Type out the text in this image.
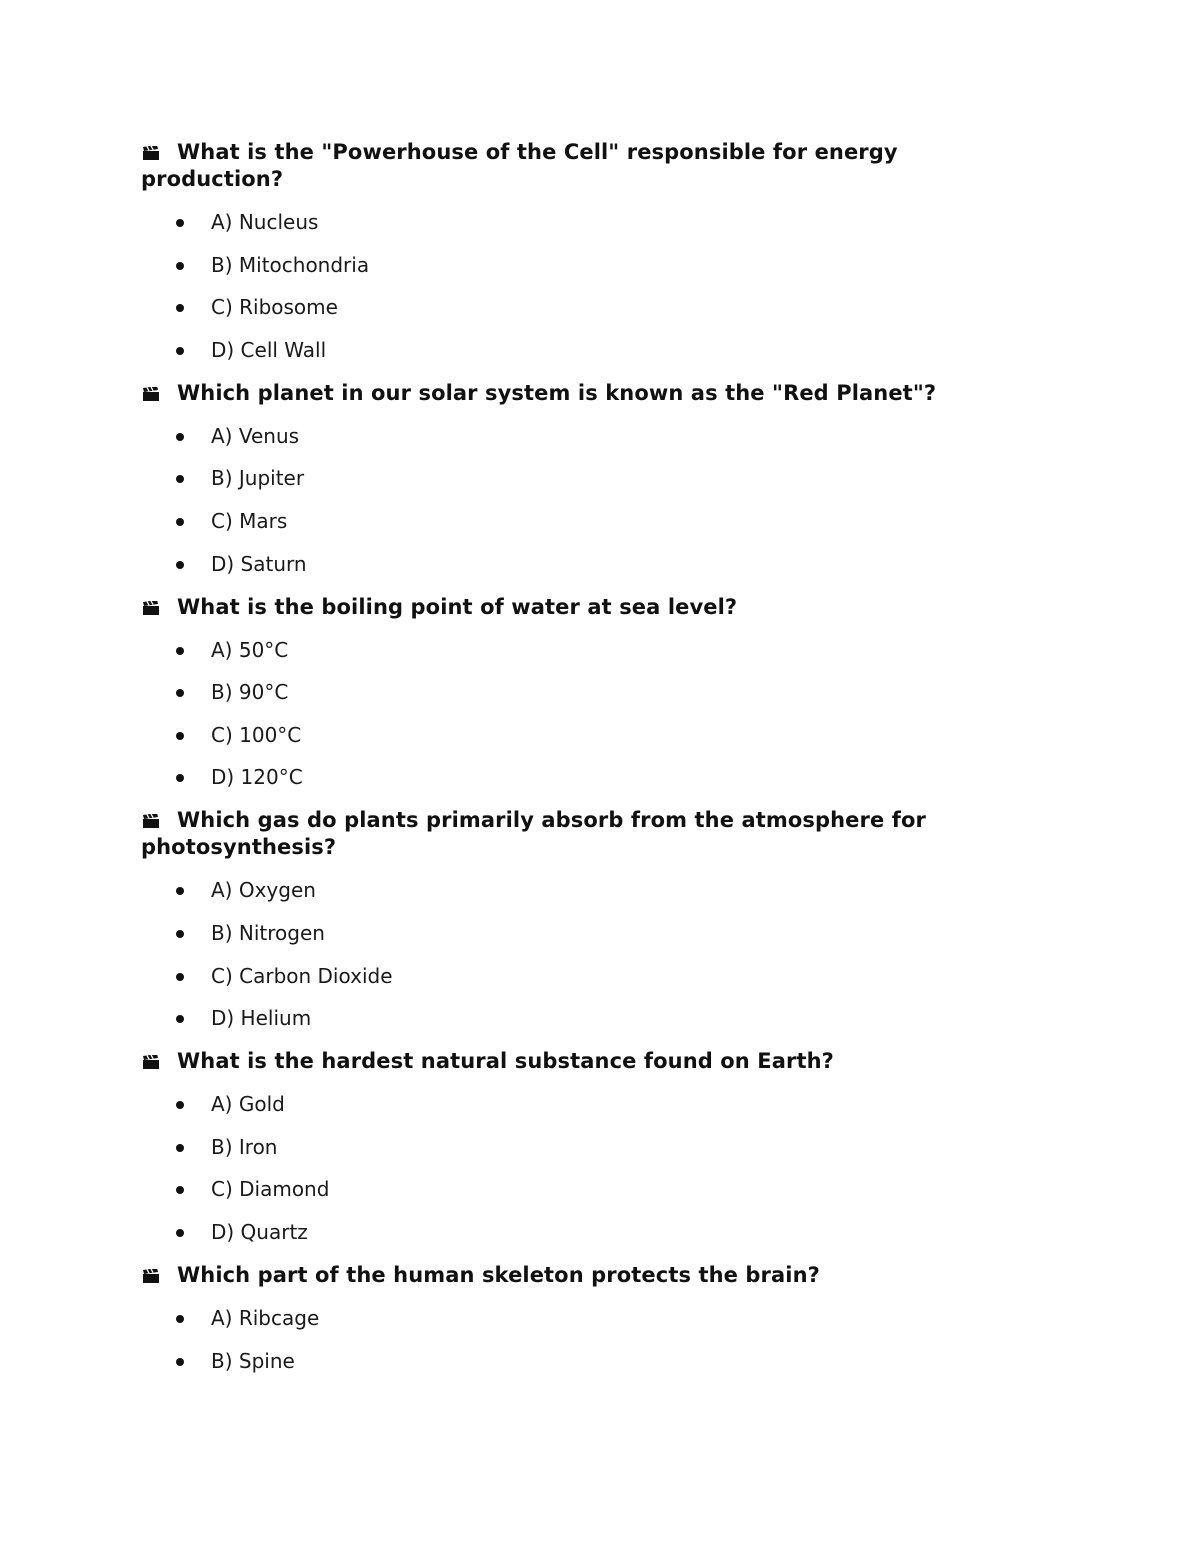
What is the "Powerhouse of the Cell" responsible for energy production?
A) Nucleus
B) Mitochondria
C) Ribosome
D) Cell Wall
Which planet in our solar system is known as the "Red Planet"?
A) Venus
B) Jupiter
C) Mars
D) Saturn
What is the boiling point of water at sea level?
A) 50°C
B) 90°C
C) 100°C
D) 120°C
Which gas do plants primarily absorb from the atmosphere for photosynthesis?
A) Oxygen
B) Nitrogen
C) Carbon Dioxide
D) Helium
What is the hardest natural substance found on Earth?
A) Gold
B) Iron
C) Diamond
D) Quartz
Which part of the human skeleton protects the brain?
A) Ribcage
B) Spine
